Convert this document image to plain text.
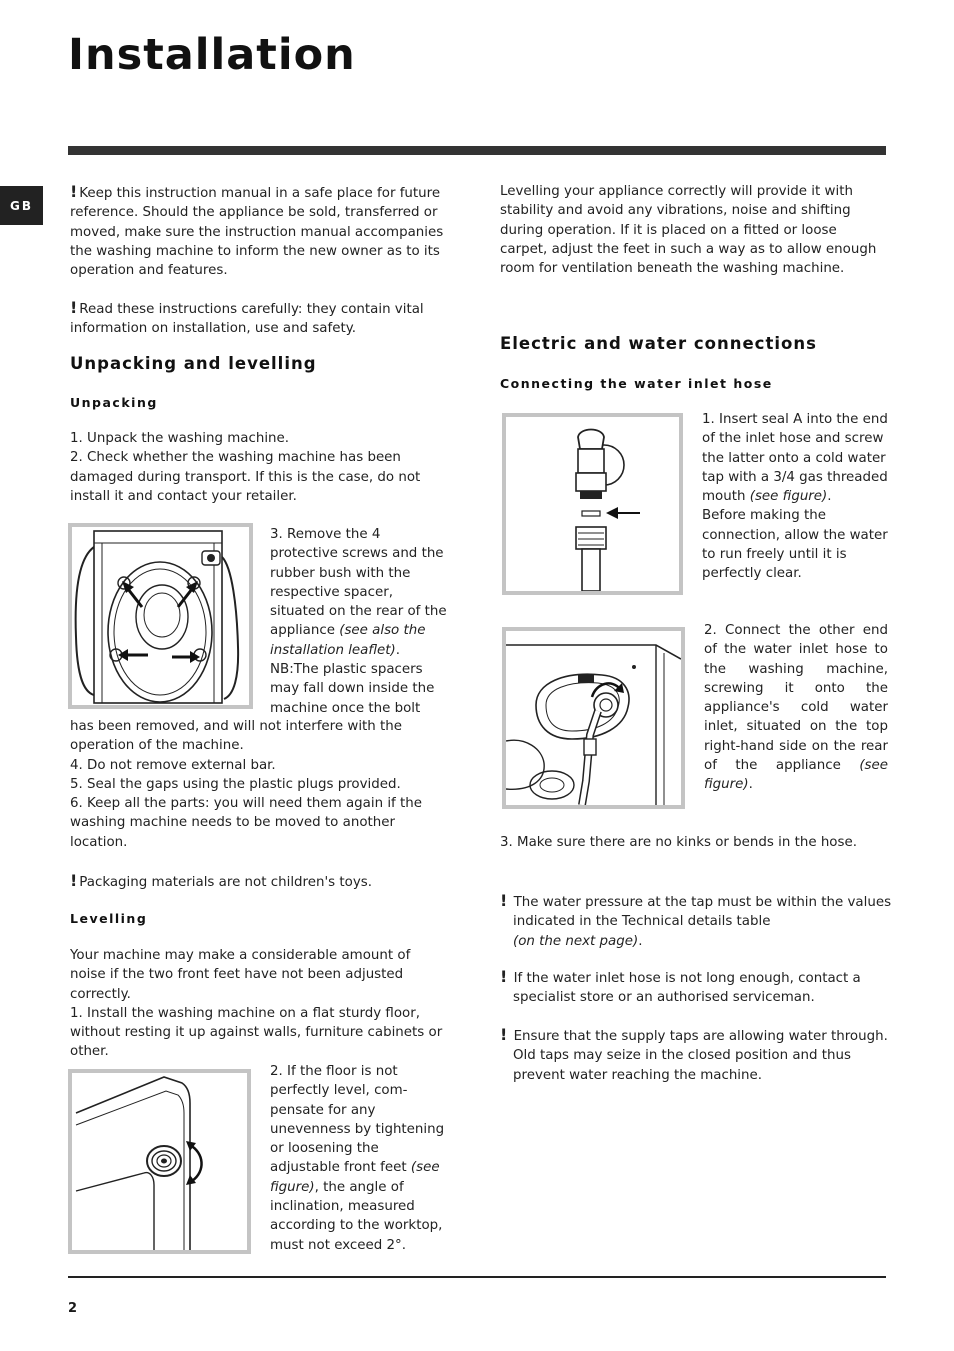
Installation
GB

! Keep this instruction manual in a safe place for future reference. Should the appliance be sold, transferred or moved, make sure the instruction manual accompanies the washing machine to inform the new owner as to its operation and features.

! Read these instructions carefully: they contain vital information on installation, use and safety.

Unpacking and levelling
Unpacking

1. Unpack the washing machine.
2. Check whether the washing machine has been damaged during transport. If this is the case, do not install it and contact your retailer.

3. Remove the 4 protective screws and the rubber bush with the respective spacer, situated on the rear of the appliance (see also the installation leaflet).
NB:The plastic spacers may fall down inside the machine once the bolt

has been removed, and will not interfere with the operation of the machine.
4. Do not remove external bar.
5. Seal the gaps using the plastic plugs provided.
6. Keep all the parts: you will need them again if the washing machine needs to be moved to another location.

! Packaging materials are not children's toys.

Levelling

Your machine may make a considerable amount of noise if the two front feet have not been adjusted correctly.
1. Install the washing machine on a flat sturdy floor, without resting it up against walls, furniture cabinets or other.

2. If the floor is not perfectly level, com-pensate for any unevenness by tightening or loosening the adjustable front feet (see figure), the angle of inclination, measured according to the worktop, must not exceed 2°.

Levelling your appliance correctly will provide it with stability and avoid any vibrations, noise and shifting during operation. If it is placed on a fitted or loose carpet, adjust the feet in such a way as to allow enough room for ventilation beneath the washing machine.

Electric and water connections
Connecting the water inlet hose

1. Insert seal A into the end of the inlet hose and screw the latter onto a cold water tap with a 3/4 gas threaded mouth (see figure).
Before making the connection, allow the water to run freely until it is perfectly clear.

2. Connect the other end of the water inlet hose to the washing machine, screwing it onto the appliance's cold water inlet, situated on the top right-hand side on the rear of the appliance (see figure).

3. Make sure there are no kinks or bends in the hose.

! The water pressure at the tap must be within the values indicated in the Technical details table
(on the next page).

! If the water inlet hose is not long enough, contact a specialist store or an authorised serviceman.

! Ensure that the supply taps are allowing water through. Old taps may seize in the closed position and thus prevent water reaching the machine.

2
